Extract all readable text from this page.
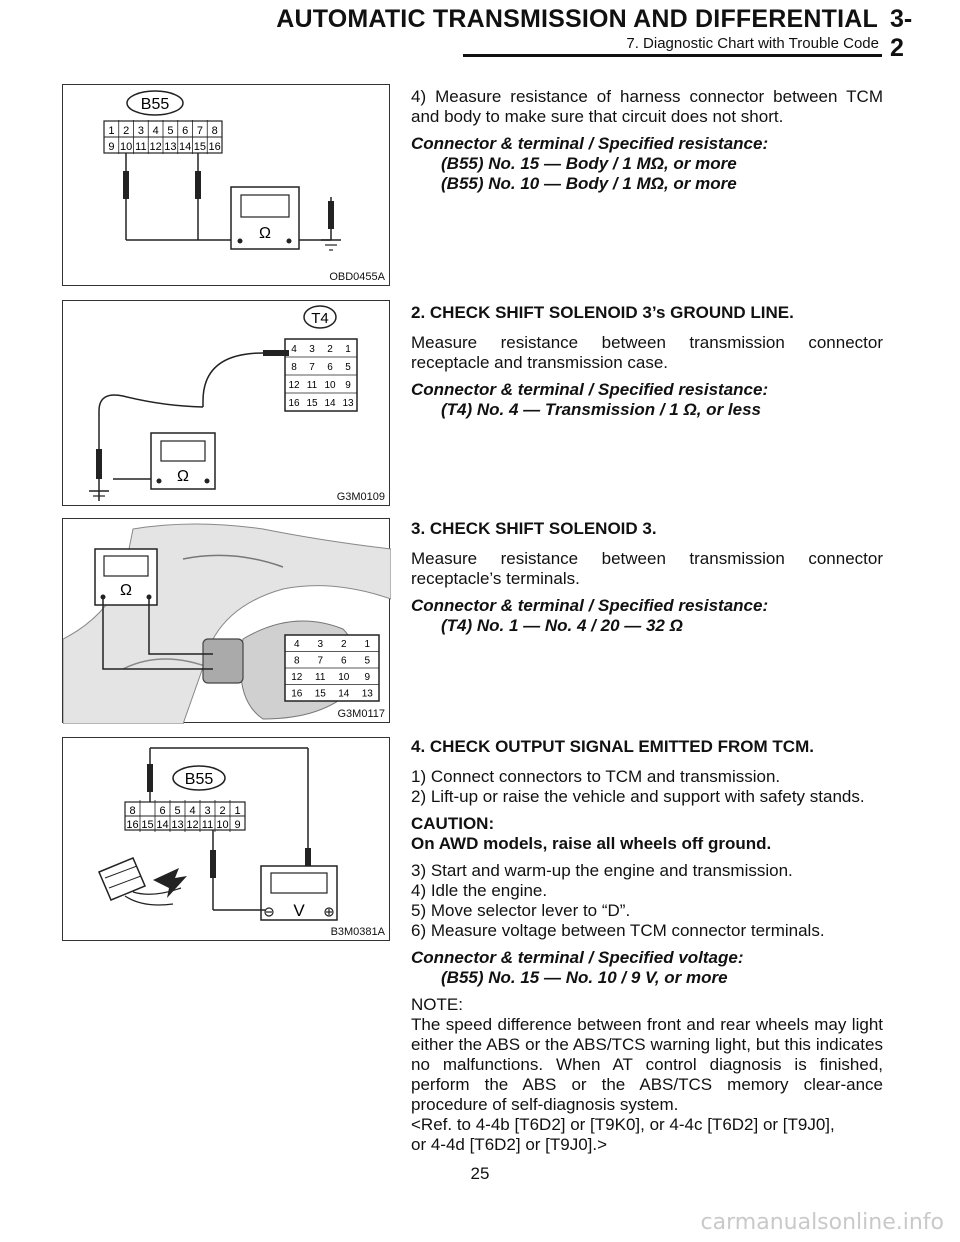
AUTOMATIC TRANSMISSION AND DIFFERENTIAL 3-2
7. Diagnostic Chart with Trouble Code
B55
1 2 3 4 5 6 7 8
9 10 11 12 13 14 15 16
Ω
OBD0455A
T4
4 3 2 1
8 7 6 5
12 11 10 9
16 15 14 13
Ω
G3M0109
Ω
4 3 2 1
8 7 6 5
12 11 10 9
16 15 14 13
G3M0117
B55
8 6 5 4 3 2 1
16 15 14 13 12 11 10 9
V
B3M0381A

4) Measure resistance of harness connector between TCM and body to make sure that circuit does not short.

Connector & terminal / Specified resistance:

(B55) No. 15 — Body / 1 MΩ, or more

(B55) No. 10 — Body / 1 MΩ, or more

2. CHECK SHIFT SOLENOID 3’s GROUND LINE.

Measure resistance between transmission connector receptacle and transmission case.

Connector & terminal / Specified resistance:

(T4) No. 4 — Transmission / 1 Ω, or less

3. CHECK SHIFT SOLENOID 3.

Measure resistance between transmission connector receptacle’s terminals.

Connector & terminal / Specified resistance:

(T4) No. 1 — No. 4 / 20 — 32 Ω

4. CHECK OUTPUT SIGNAL EMITTED FROM TCM.

1) Connect connectors to TCM and transmission.

2) Lift-up or raise the vehicle and support with safety stands.

CAUTION:

On AWD models, raise all wheels off ground.

3) Start and warm-up the engine and transmission.

4) Idle the engine.

5) Move selector lever to “D”.

6) Measure voltage between TCM connector terminals.

Connector & terminal / Specified voltage:

(B55) No. 15 — No. 10 / 9 V, or more

NOTE:

The speed difference between front and rear wheels may light either the ABS or the ABS/TCS warning light, but this indicates no malfunctions. When AT control diagnosis is finished, perform the ABS or the ABS/TCS memory clear-ance procedure of self-diagnosis system.

<Ref. to 4-4b [T6D2] or [T9K0], or 4-4c [T6D2] or [T9J0],

or 4-4d [T6D2] or [T9J0].>

25
carmanualsonline.info
